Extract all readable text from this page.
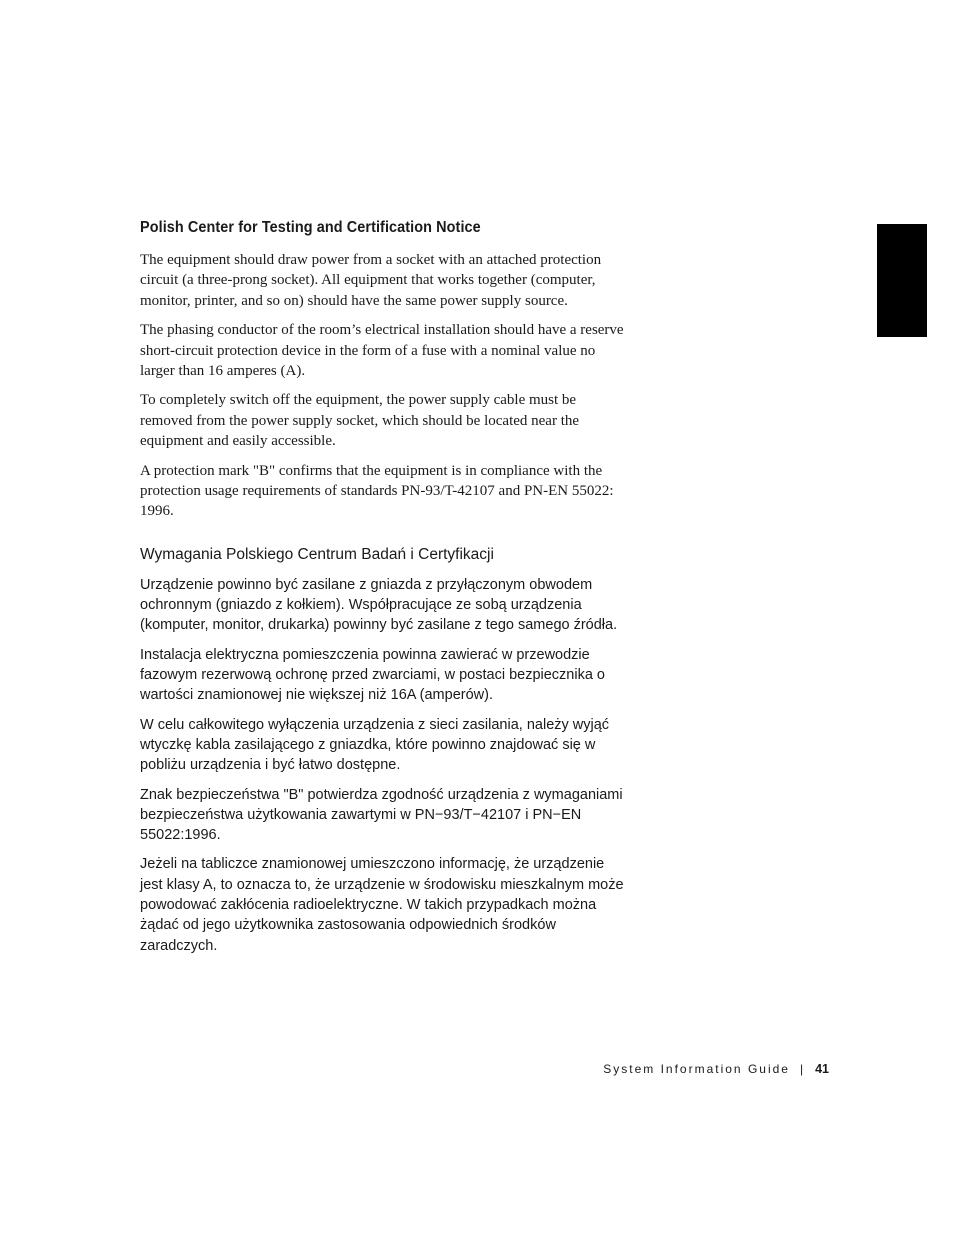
Polish Center for Testing and Certification Notice

The equipment should draw power from a socket with an attached protection circuit (a three-prong socket). All equipment that works together (computer, monitor, printer, and so on) should have the same power supply source.

The phasing conductor of the room’s electrical installation should have a reserve short-circuit protection device in the form of a fuse with a nominal value no larger than 16 amperes (A).

To completely switch off the equipment, the power supply cable must be removed from the power supply socket, which should be located near the equipment and easily accessible.

A protection mark "B" confirms that the equipment is in compliance with the protection usage requirements of standards PN-93/T-42107 and PN-EN 55022: 1996.

Wymagania Polskiego Centrum Badań i Certyfikacji

Urządzenie powinno być zasilane z gniazda z przyłączonym obwodem ochronnym (gniazdo z kołkiem). Współpracujące ze sobą urządzenia (komputer, monitor, drukarka) powinny być zasilane z tego samego źródła.

Instalacja elektryczna pomieszczenia powinna zawierać w przewodzie fazowym rezerwową ochronę przed zwarciami, w postaci bezpiecznika o wartości znamionowej nie większej niż 16A (amperów).

W celu całkowitego wyłączenia urządzenia z sieci zasilania, należy wyjąć wtyczkę kabla zasilającego z gniazdka, które powinno znajdować się w pobliżu urządzenia i być łatwo dostępne.

Znak bezpieczeństwa "B" potwierdza zgodność urządzenia z wymaganiami bezpieczeństwa użytkowania zawartymi w PN−93/T−42107 i PN−EN 55022:1996.

Jeżeli na tabliczce znamionowej umieszczono informację, że urządzenie jest klasy A, to oznacza to, że urządzenie w środowisku mieszkalnym może powodować zakłócenia radioelektryczne. W takich przypadkach można żądać od jego użytkownika zastosowania odpowiednich środków zaradczych.

System Information Guide | 41
